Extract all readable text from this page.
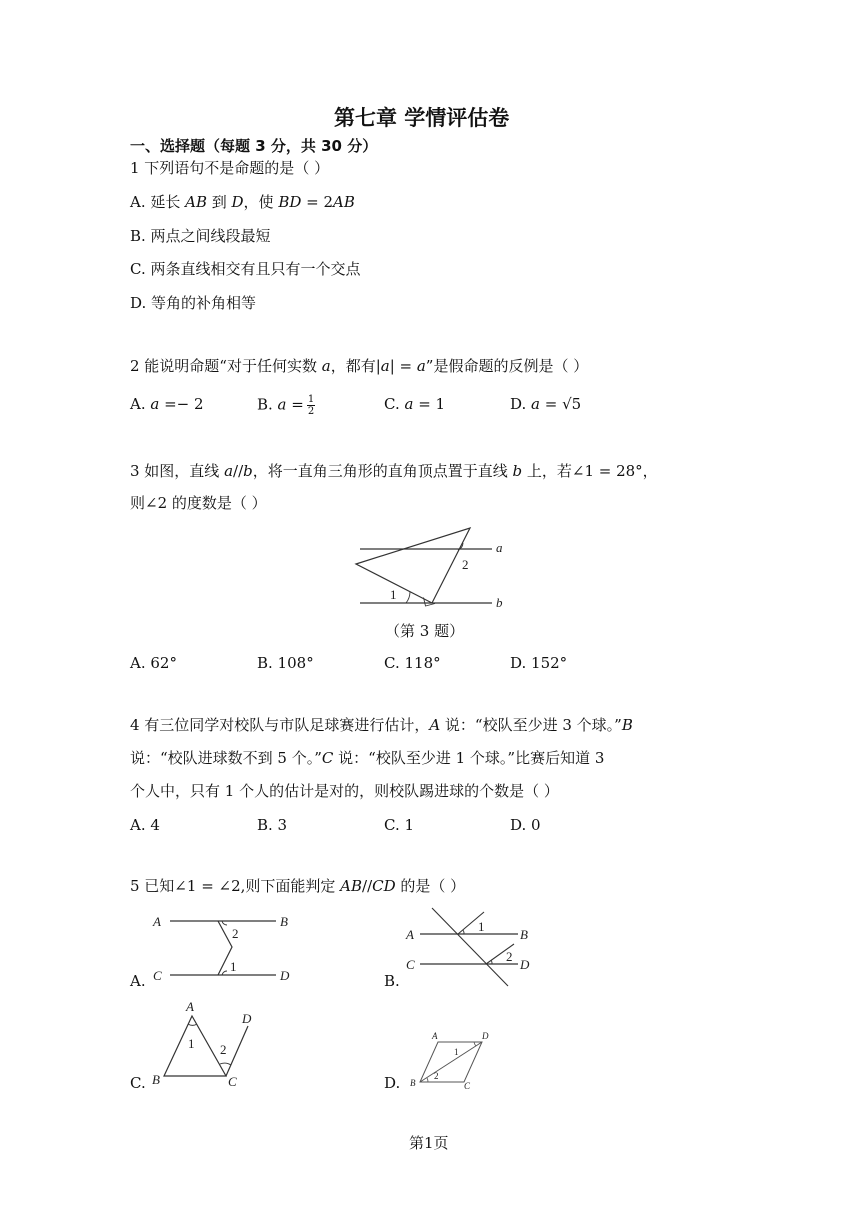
第七章 学情评估卷
一、选择题（每题 3 分，共 30 分）
1 下列语句不是命题的是（ ）
A. 延长 𝐴𝐵 到 𝐷，使 𝐵𝐷 = 2𝐴𝐵
B. 两点之间线段最短
C. 两条直线相交有且只有一个交点
D. 等角的补角相等
2 能说明命题“对于任何实数 𝑎，都有|𝑎| = 𝑎”是假命题的反例是（ ）
A. 𝑎 =− 2	B. 𝑎 = $\frac{1}{2}$	C. 𝑎 = 1	D. 𝑎 = √5
3 如图，直线 𝑎//𝑏，将一直角三角形的直角顶点置于直线 𝑏 上，若∠1 = 28°，
则∠2 的度数是（ ）
a
b
1
2
（第 3 题）
A. 62°	B. 108°	C. 118°	D. 152°
4 有三位同学对校队与市队足球赛进行估计，𝐴 说：“校队至少进 3 个球。”𝐵
说：“校队进球数不到 5 个。”𝐶 说：“校队至少进 1 个球。”比赛后知道 3
个人中，只有 1 个人的估计是对的，则校队踢进球的个数是（ ）
A. 4	B. 3	C. 1	D. 0
5 已知∠1 = ∠2,则下面能判定 𝐴𝐵//𝐶𝐷 的是（ ）
A.
A	B
C	D
2
1
B.
A	B
C	D
1
2
C.
A
B	C
D
1 2
D.
A	D
B	C
1
2
第1页
